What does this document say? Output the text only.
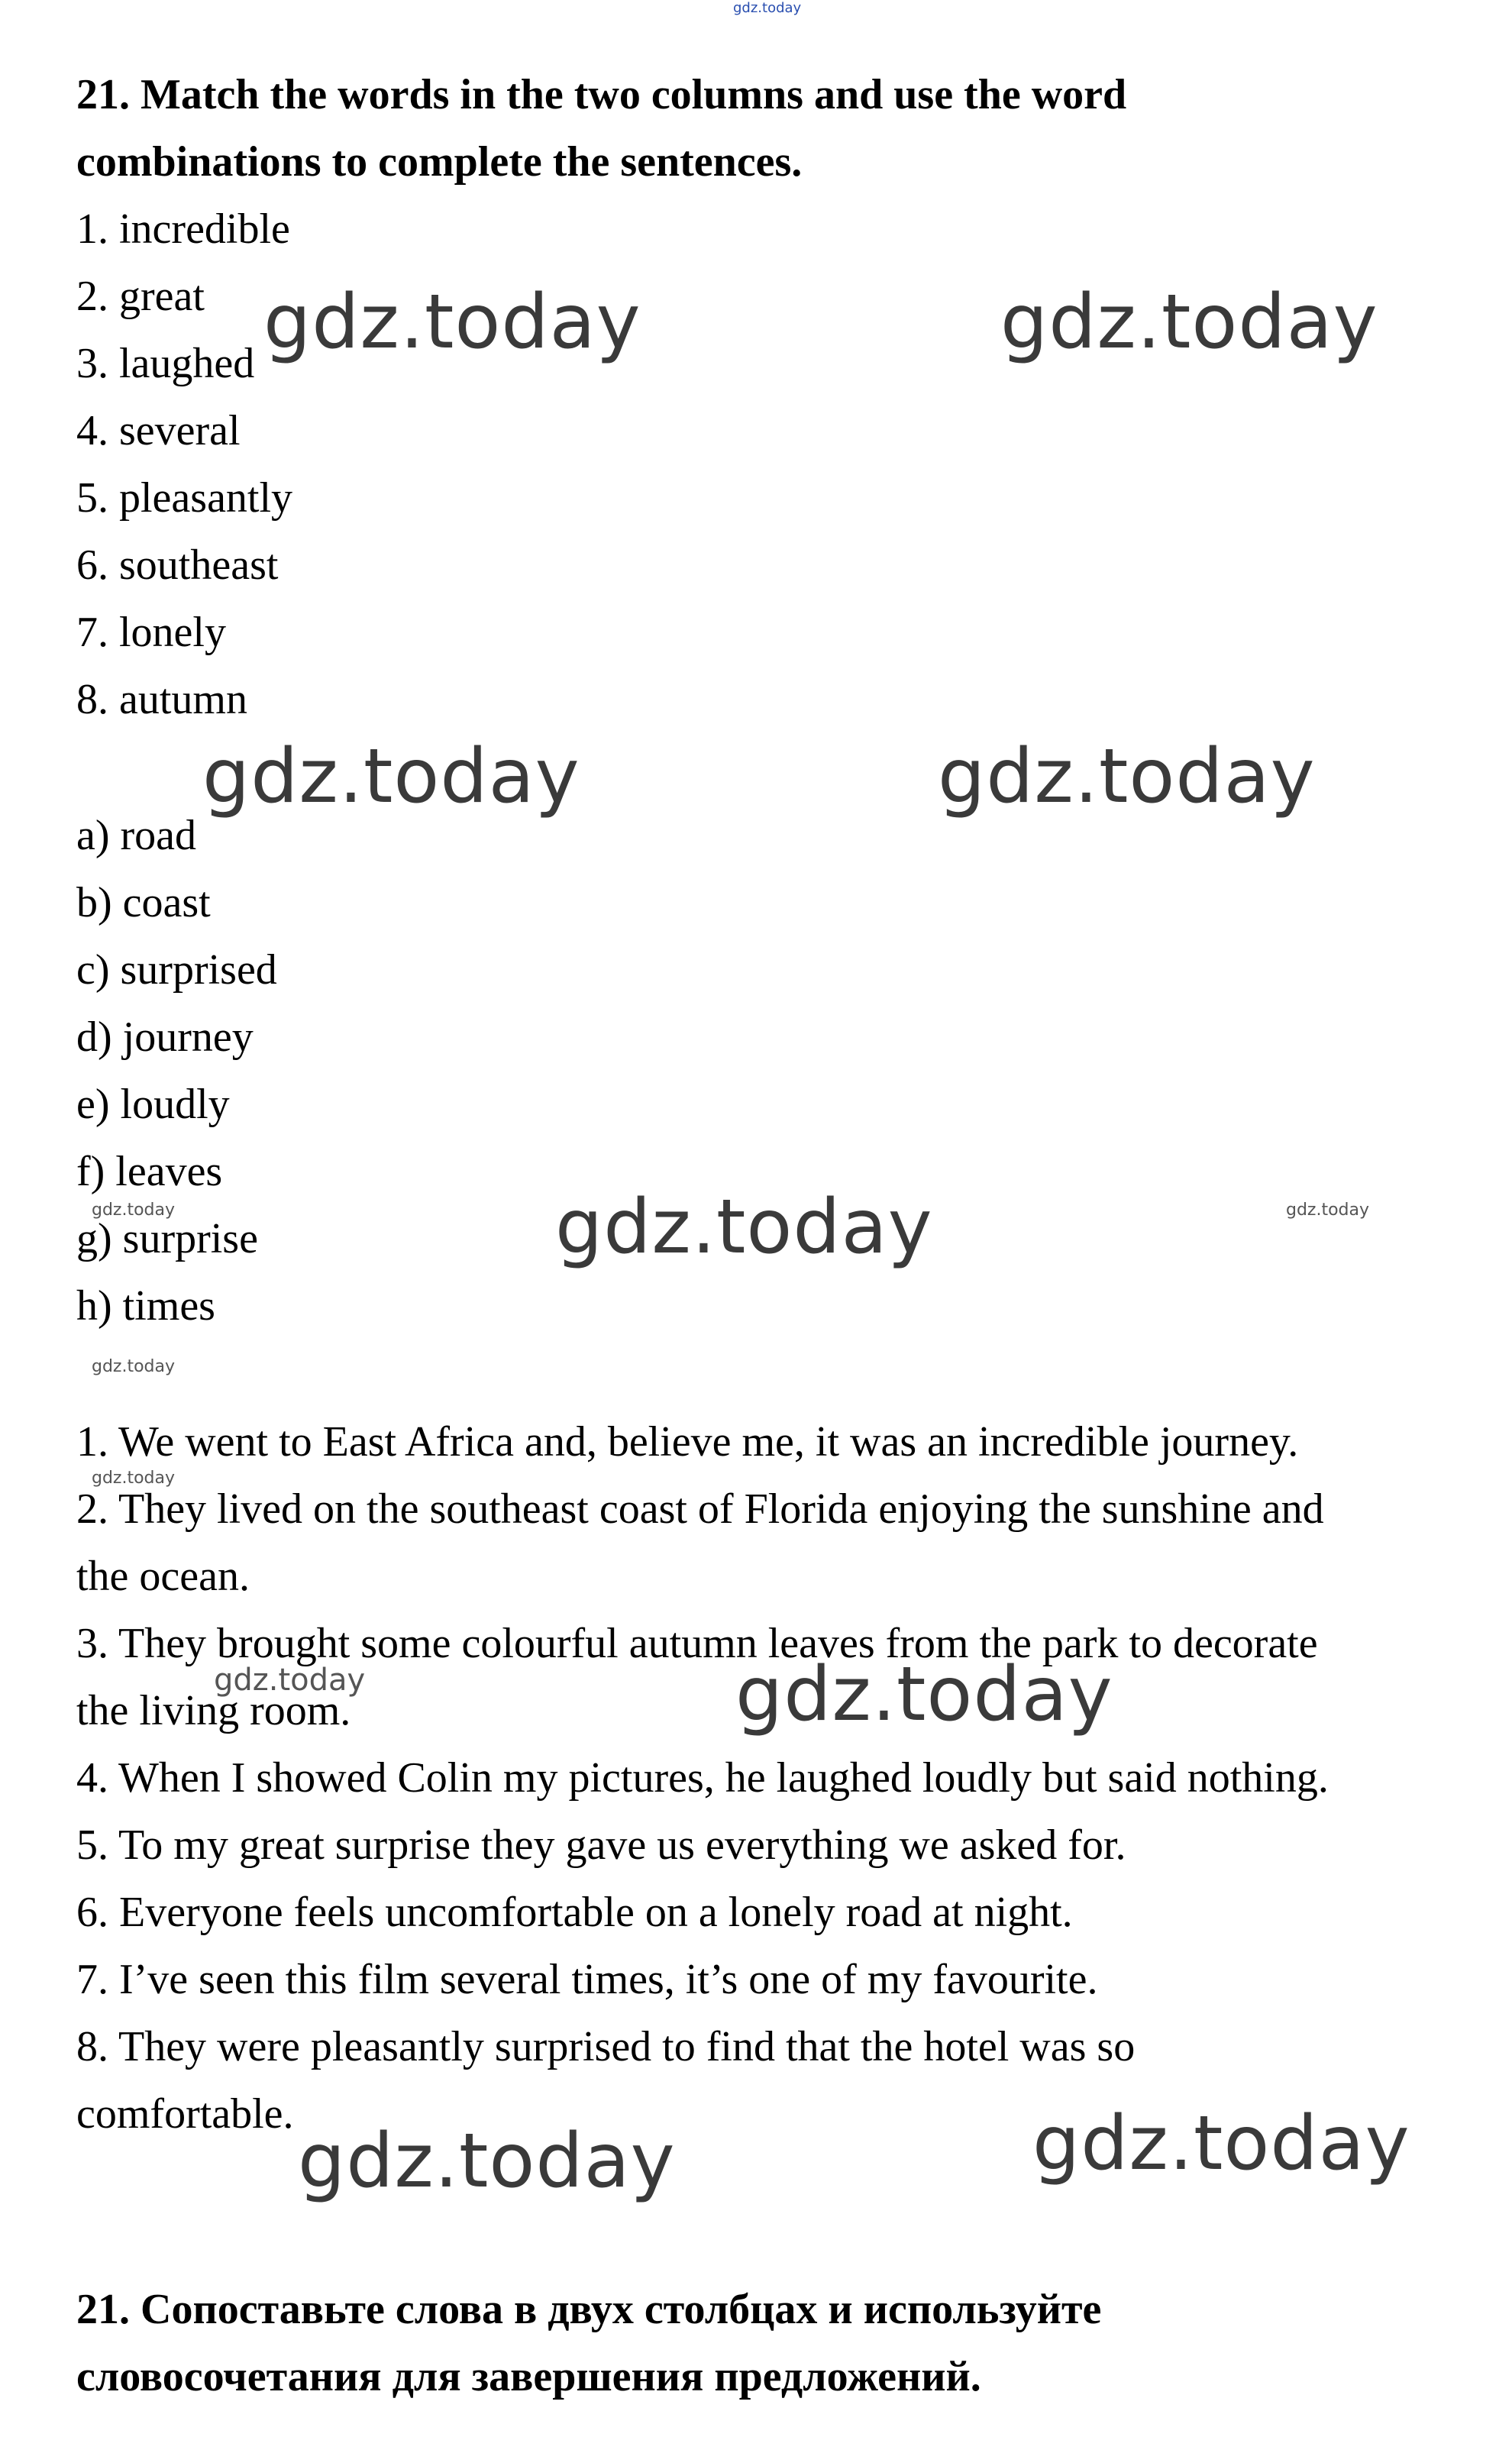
gdz.today
21. Match the words in the two columns and use the word
combinations to complete the sentences.
1. incredible
2. great
3. laughed
4. several
5. pleasantly
6. southeast
7. lonely
8. autumn
a) road
b) coast
c) surprised
d) journey
e) loudly
f) leaves
g) surprise
h) times
1. We went to East Africa and, believe me, it was an incredible journey.
2. They lived on the southeast coast of Florida enjoying the sunshine and
the ocean.
3. They brought some colourful autumn leaves from the park to decorate
the living room.
4. When I showed Colin my pictures, he laughed loudly but said nothing.
5. To my great surprise they gave us everything we asked for.
6. Everyone feels uncomfortable on a lonely road at night.
7. I’ve seen this film several times, it’s one of my favourite.
8. They were pleasantly surprised to find that the hotel was so
comfortable.
21. Сопоставьте слова в двух столбцах и используйте
словосочетания для завершения предложений.
gdz.today	gdz.today
gdz.today	gdz.today
gdz.today
gdz.today
gdz.today
gdz.today
gdz.today	gdz.today
gdz.today
gdz.today
gdz.today
